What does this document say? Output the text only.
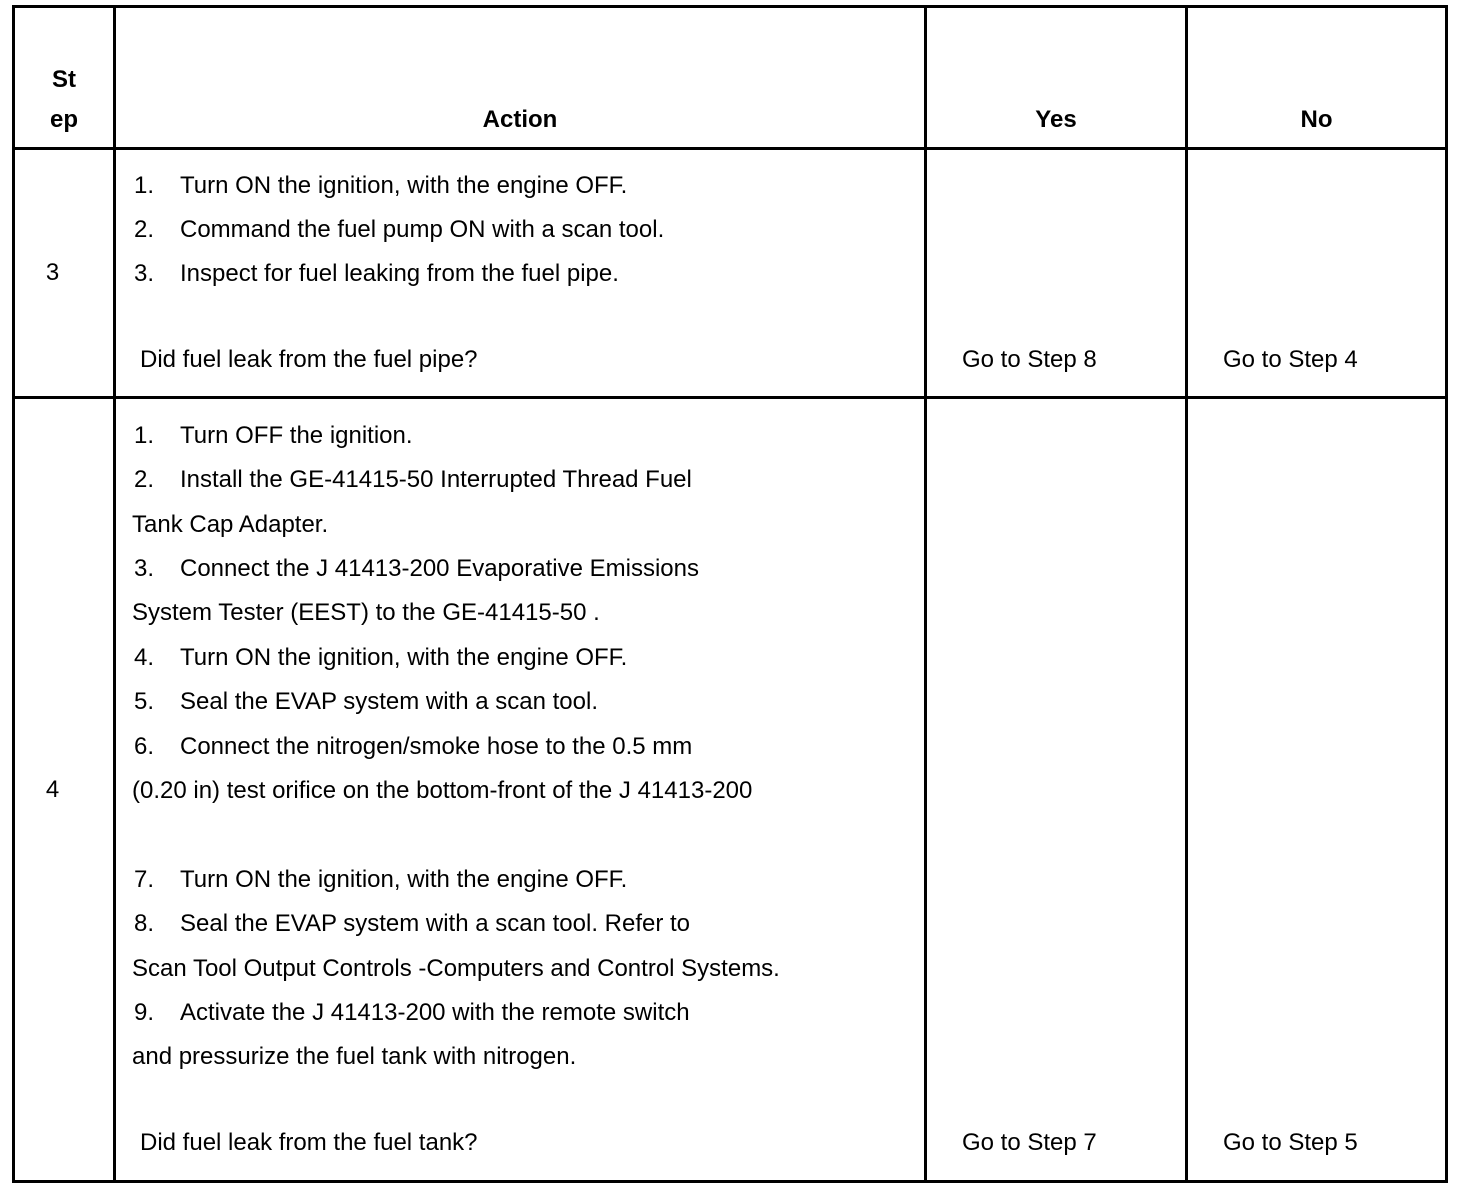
St
ep	Action	Yes	No
3
1. Turn ON the ignition, with the engine OFF.
2. Command the fuel pump ON with a scan tool.
3. Inspect for fuel leaking from the fuel pipe.
Did fuel leak from the fuel pipe?	Go to Step 8	Go to Step 4
4
1. Turn OFF the ignition.
2. Install the GE-41415-50 Interrupted Thread Fuel
Tank Cap Adapter.
3. Connect the J 41413-200 Evaporative Emissions
System Tester (EEST) to the GE-41415-50 .
4. Turn ON the ignition, with the engine OFF.
5. Seal the EVAP system with a scan tool.
6. Connect the nitrogen/smoke hose to the 0.5 mm
(0.20 in) test orifice on the bottom-front of the J 41413-200
7. Turn ON the ignition, with the engine OFF.
8. Seal the EVAP system with a scan tool. Refer to
Scan Tool Output Controls -Computers and Control Systems.
9. Activate the J 41413-200 with the remote switch
and pressurize the fuel tank with nitrogen.
Did fuel leak from the fuel tank?	Go to Step 7	Go to Step 5
